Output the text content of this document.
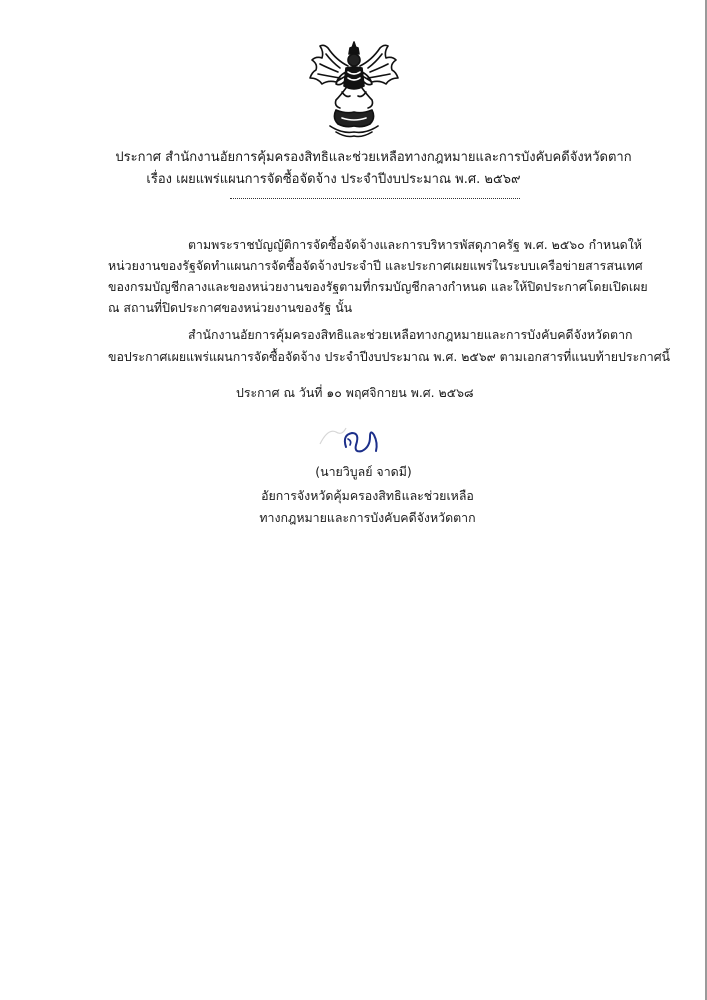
ประกาศ สำนักงานอัยการคุ้มครองสิทธิและช่วยเหลือทางกฎหมายและการบังคับคดีจังหวัดตาก
เรื่อง เผยแพร่แผนการจัดซื้อจัดจ้าง ประจำปีงบประมาณ พ.ศ. ๒๕๖๙
ตามพระราชบัญญัติการจัดซื้อจัดจ้างและการบริหารพัสดุภาครัฐ พ.ศ. ๒๕๖๐ กำหนดให้
หน่วยงานของรัฐจัดทำแผนการจัดซื้อจัดจ้างประจำปี และประกาศเผยแพร่ในระบบเครือข่ายสารสนเทศ
ของกรมบัญชีกลางและของหน่วยงานของรัฐตามที่กรมบัญชีกลางกำหนด และให้ปิดประกาศโดยเปิดเผย
ณ สถานที่ปิดประกาศของหน่วยงานของรัฐ นั้น
สำนักงานอัยการคุ้มครองสิทธิและช่วยเหลือทางกฎหมายและการบังคับคดีจังหวัดตาก
ขอประกาศเผยแพร่แผนการจัดซื้อจัดจ้าง ประจำปีงบประมาณ พ.ศ. ๒๕๖๙ ตามเอกสารที่แนบท้ายประกาศนี้
ประกาศ ณ วันที่ ๑๐ พฤศจิกายน พ.ศ. ๒๕๖๘
(นายวิบูลย์ จาดมี)
อัยการจังหวัดคุ้มครองสิทธิและช่วยเหลือ
ทางกฎหมายและการบังคับคดีจังหวัดตาก
